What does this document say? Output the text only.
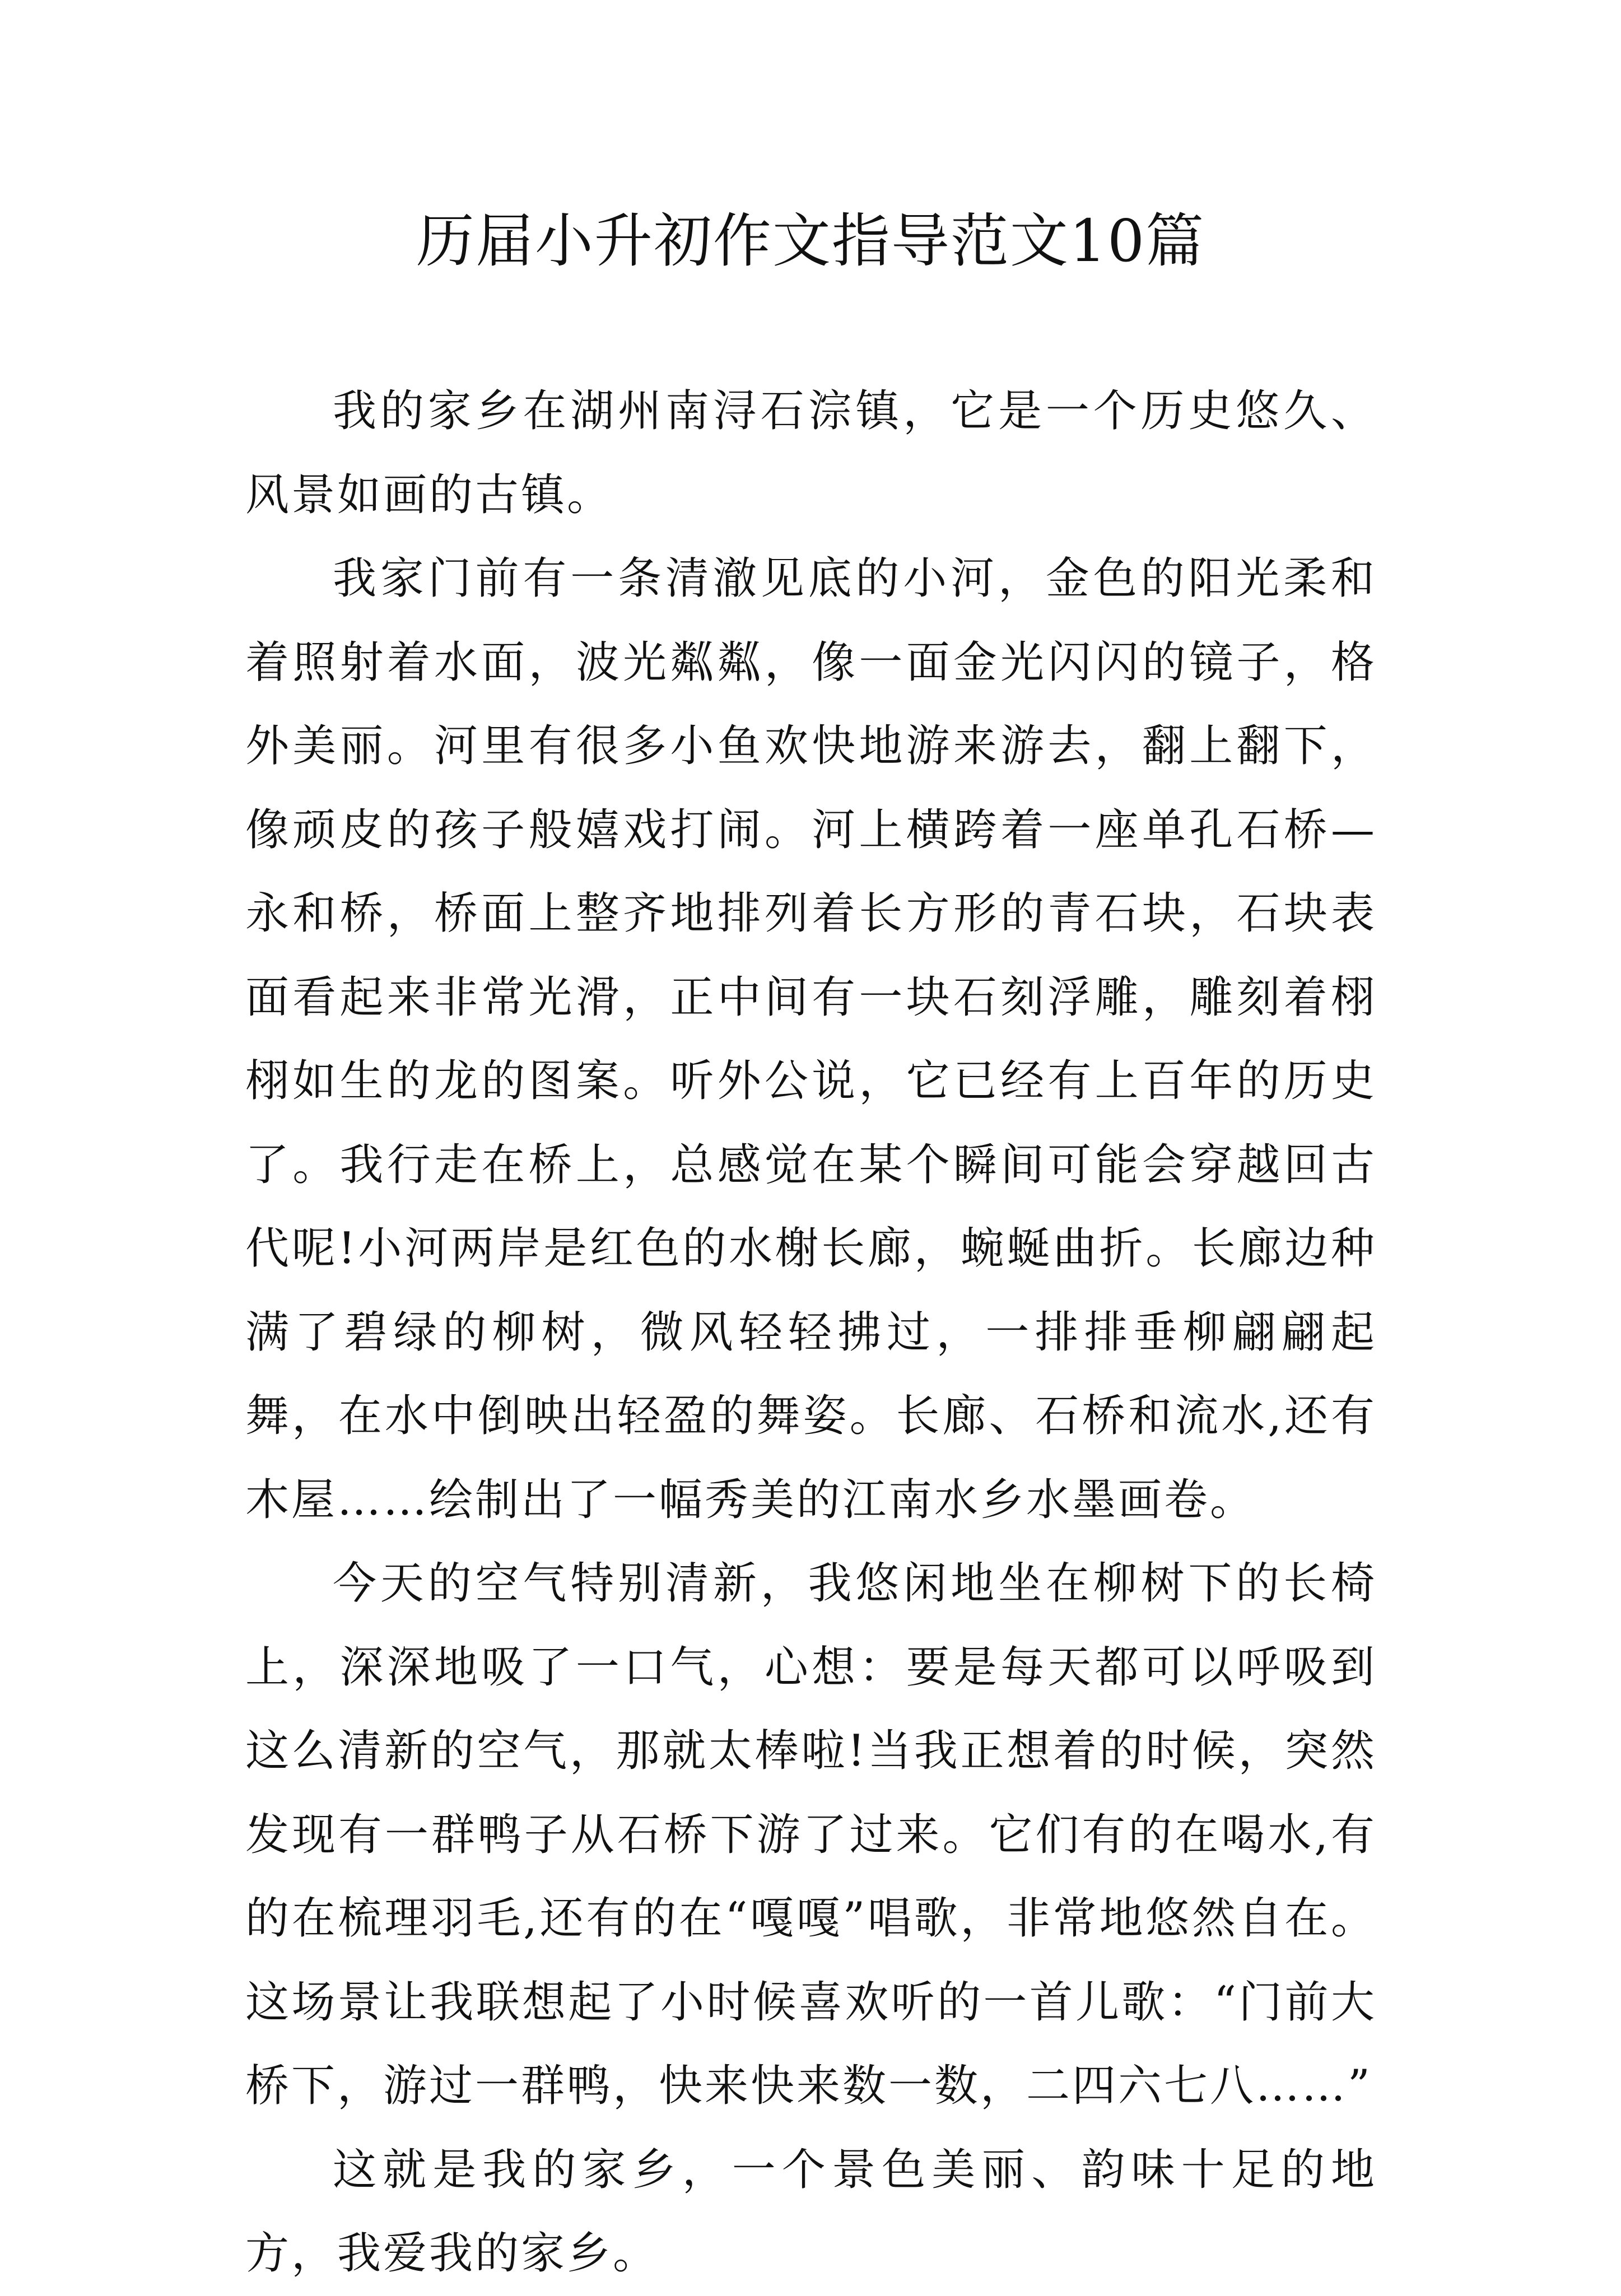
历届小升初作文指导范文10篇

我的家乡在湖州南浔石淙镇，它是一个历史悠久、风景如画的古镇。

我家门前有一条清澈见底的小河，金色的阳光柔和着照射着水面，波光粼粼，像一面金光闪闪的镜子，格外美丽。河里有很多小鱼欢快地游来游去，翻上翻下，像顽皮的孩子般嬉戏打闹。河上横跨着一座单孔石桥—永和桥，桥面上整齐地排列着长方形的青石块，石块表面看起来非常光滑，正中间有一块石刻浮雕，雕刻着栩栩如生的龙的图案。听外公说，它已经有上百年的历史了。我行走在桥上，总感觉在某个瞬间可能会穿越回古代呢!小河两岸是红色的水榭长廊，蜿蜒曲折。长廊边种满了碧绿的柳树，微风轻轻拂过，一排排垂柳翩翩起舞，在水中倒映出轻盈的舞姿。长廊、石桥和流水,还有木屋……绘制出了一幅秀美的江南水乡水墨画卷。

今天的空气特别清新，我悠闲地坐在柳树下的长椅上，深深地吸了一口气，心想：要是每天都可以呼吸到这么清新的空气，那就太棒啦!当我正想着的时候，突然发现有一群鸭子从石桥下游了过来。它们有的在喝水,有的在梳理羽毛,还有的在“嘎嘎”唱歌，非常地悠然自在。这场景让我联想起了小时候喜欢听的一首儿歌：“门前大桥下，游过一群鸭，快来快来数一数，二四六七八……”

这就是我的家乡，一个景色美丽、韵味十足的地方，我爱我的家乡。
